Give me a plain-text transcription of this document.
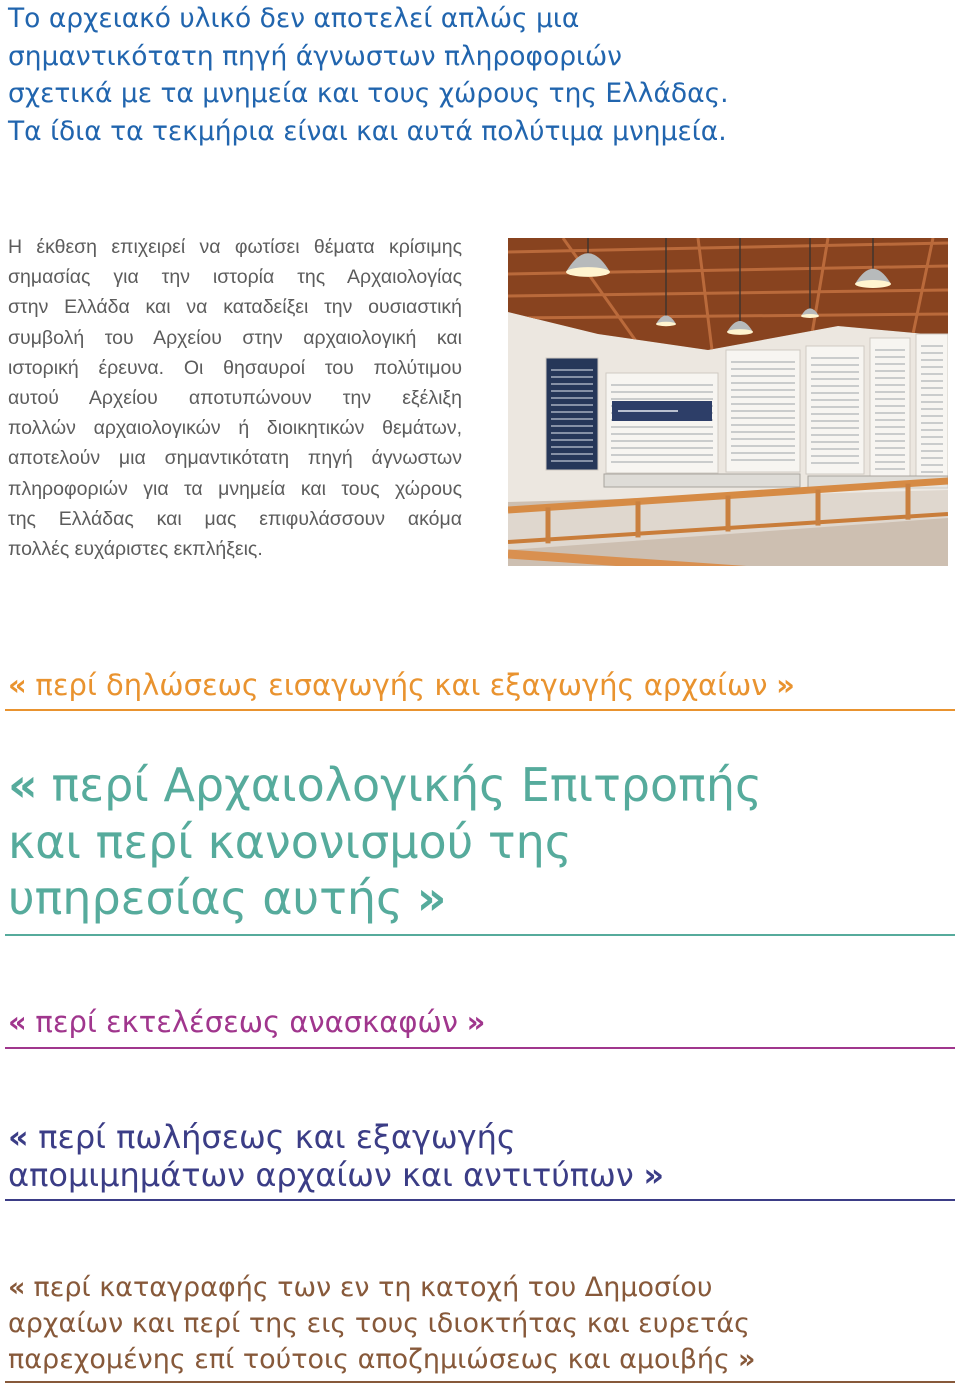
Το αρχειακό υλικό δεν αποτελεί απλώς μια
σημαντικότατη πηγή άγνωστων πληροφοριών
σχετικά με τα μνημεία και τους χώρους της Ελλάδας.
Τα ίδια τα τεκμήρια είναι και αυτά πολύτιμα μνημεία.
Η έκθεση επιχειρεί να φωτίσει θέματα κρίσιμης
σημασίας για την ιστορία της Αρχαιολογίας
στην Ελλάδα και να καταδείξει την ουσιαστική
συμβολή του Αρχείου στην αρχαιολογική και
ιστορική έρευνα. Οι θησαυροί του πολύτιμου
αυτού Αρχείου αποτυπώνουν την εξέλιξη
πολλών αρχαιολογικών ή διοικητικών θεμάτων,
αποτελούν μια σημαντικότατη πηγή άγνωστων
πληροφοριών για τα μνημεία και τους χώρους
της Ελλάδας και μας επιφυλάσσουν ακόμα
πολλές ευχάριστες εκπλήξεις.
« περί δηλώσεως εισαγωγής και εξαγωγής αρχαίων »
« περί Αρχαιολογικής Επιτροπής
και περί κανονισμού της
υπηρεσίας αυτής »
« περί εκτελέσεως ανασκαφών »
« περί πωλήσεως και εξαγωγής
απομιμημάτων αρχαίων και αντιτύπων »
« περί καταγραφής των εν τη κατοχή του Δημοσίου
αρχαίων και περί της εις τους ιδιοκτήτας και ευρετάς
παρεχομένης επί τούτοις αποζημιώσεως και αμοιβής »
